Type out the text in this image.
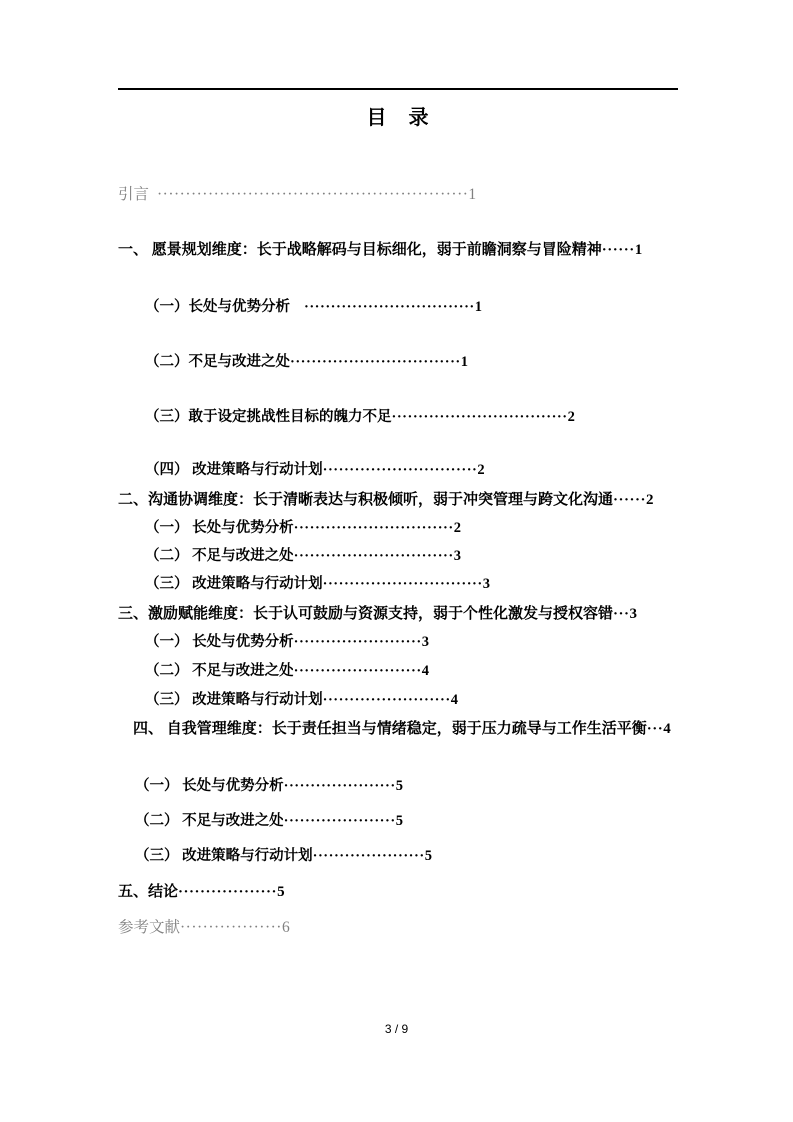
目　录
引言 ·······················································1
一、 愿景规划维度：长于战略解码与目标细化，弱于前瞻洞察与冒险精神······1
（一）长处与优势分析 ································1
（二）不足与改进之处································1
（三）敢于设定挑战性目标的魄力不足·································2
（四） 改进策略与行动计划·····························2
二、沟通协调维度：长于清晰表达与积极倾听，弱于冲突管理与跨文化沟通······2
（一） 长处与优势分析······························2
（二） 不足与改进之处······························3
（三） 改进策略与行动计划······························3
三、激励赋能维度：长于认可鼓励与资源支持，弱于个性化激发与授权容错···3
（一） 长处与优势分析························3
（二） 不足与改进之处························4
（三） 改进策略与行动计划························4
　四、 自我管理维度：长于责任担当与情绪稳定，弱于压力疏导与工作生活平衡···4
（一） 长处与优势分析·····················5
（二） 不足与改进之处·····················5
（三） 改进策略与行动计划·····················5
五、结论··················5
参考文献··················6
3 / 9
